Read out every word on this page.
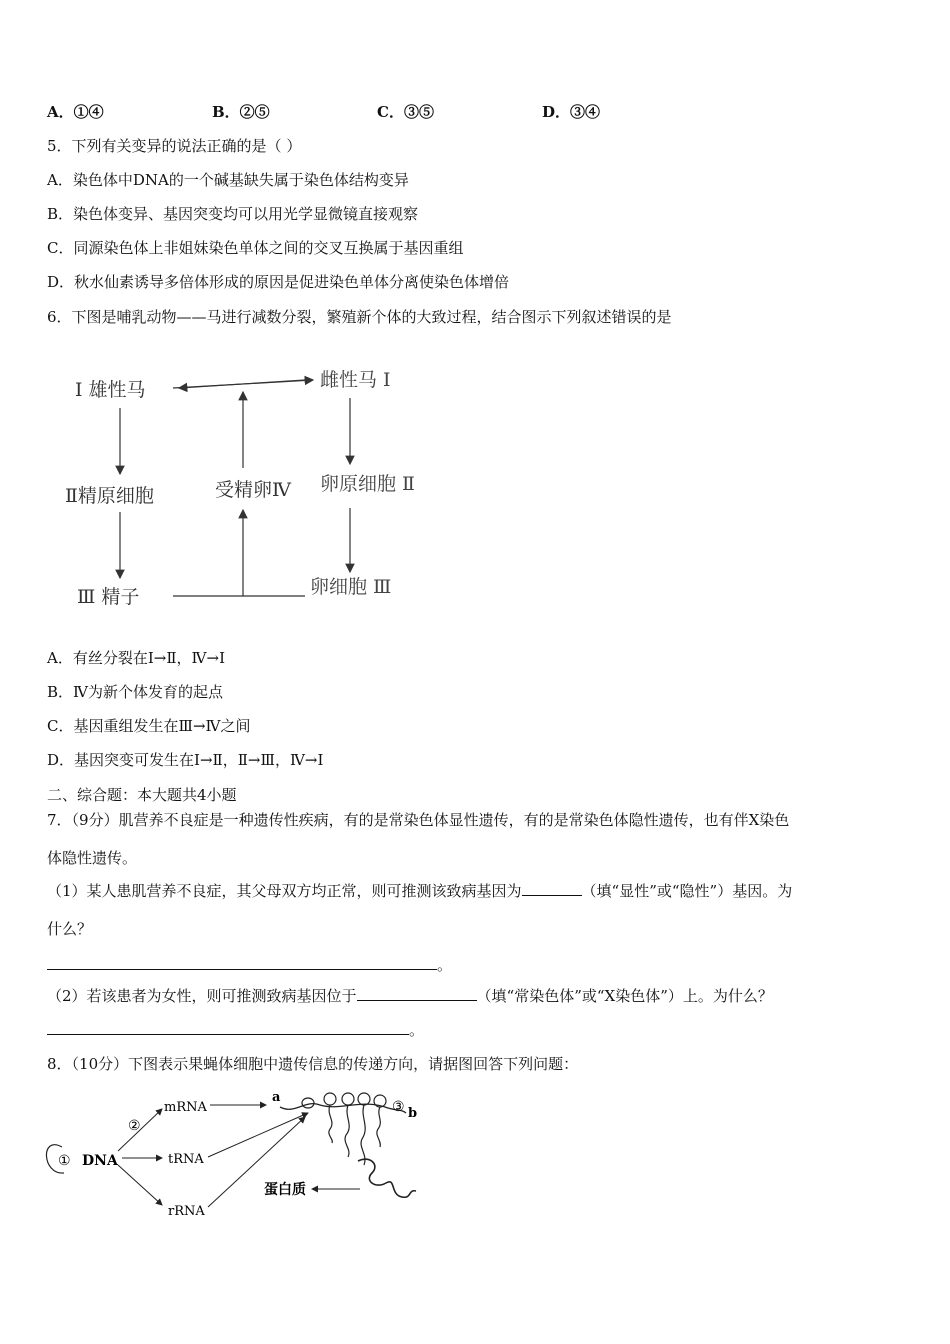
A．①④	B．②⑤	C．③⑤	D．③④
5．下列有关变异的说法正确的是（ ）
A．染色体中DNA的一个碱基缺失属于染色体结构变异
B．染色体变异、基因突变均可以用光学显微镜直接观察
C．同源染色体上非姐妹染色单体之间的交叉互换属于基因重组
D．秋水仙素诱导多倍体形成的原因是促进染色单体分离使染色体增倍
6．下图是哺乳动物——马进行减数分裂，繁殖新个体的大致过程，结合图示下列叙述错误的是
Ⅰ 雄性马	雌性马 Ⅰ
Ⅱ精原细胞	受精卵Ⅳ 卵原细胞 Ⅱ
Ⅲ 精子	卵细胞 Ⅲ
A．有丝分裂在Ⅰ→Ⅱ，Ⅳ→Ⅰ
B．Ⅳ为新个体发育的起点
C．基因重组发生在Ⅲ→Ⅳ之间
D．基因突变可发生在Ⅰ→Ⅱ，Ⅱ→Ⅲ，Ⅳ→Ⅰ
二、综合题：本大题共4小题
7．（9分）肌营养不良症是一种遗传性疾病，有的是常染色体显性遗传，有的是常染色体隐性遗传，也有伴X染色
体隐性遗传。
（1）某人患肌营养不良症，其父母双方均正常，则可推测该致病基因为	（填“显性”或“隐性”）基因。为
什么？
。
（2）若该患者为女性，则可推测致病基因位于	（填“常染色体”或“X染色体”）上。为什么？
。
8．（10分）下图表示果蝇体细胞中遗传信息的传递方向，请据图回答下列问题：
① DNA
②
mRNA
tRNA
rRNA
a
③ b
蛋白质
